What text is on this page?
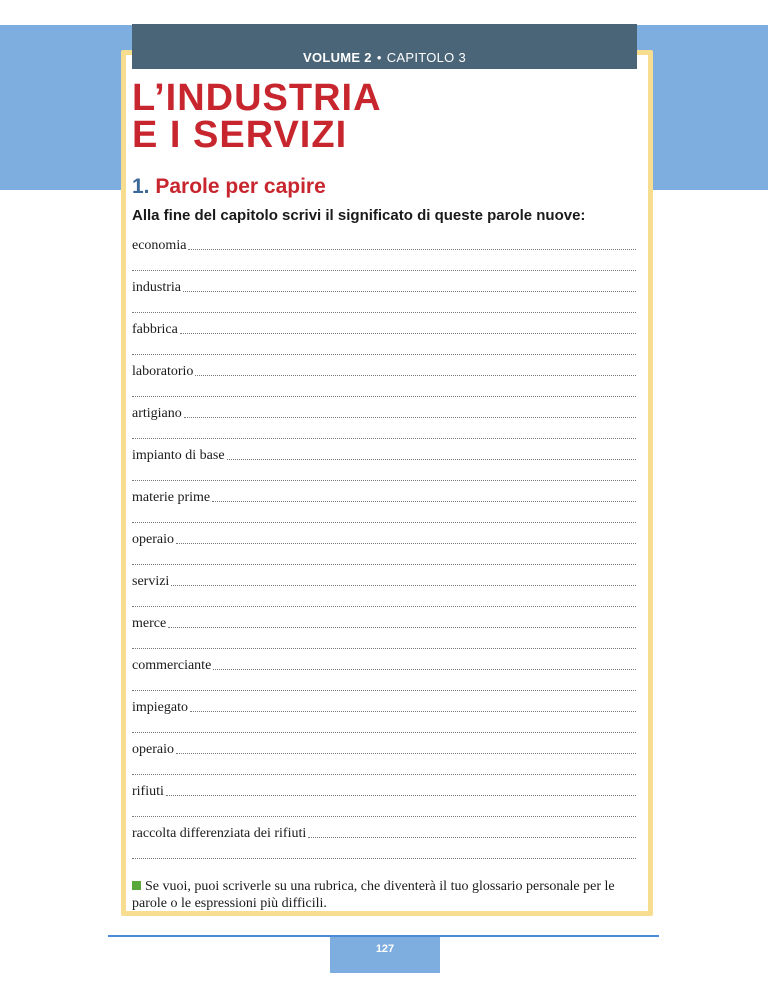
VOLUME 2 • CAPITOLO 3
L’INDUSTRIA
E I SERVIZI
1. Parole per capire

Alla fine del capitolo scrivi il significato di queste parole nuove:

economia
industria
fabbrica
laboratorio
artigiano
impianto di base
materie prime
operaio
servizi
merce
commerciante
impiegato
operaio
rifiuti
raccolta differenziata dei rifiuti

Se vuoi, puoi scriverle su una rubrica, che diventerà il tuo glossario personale per le parole o le espressioni più difficili.

127
